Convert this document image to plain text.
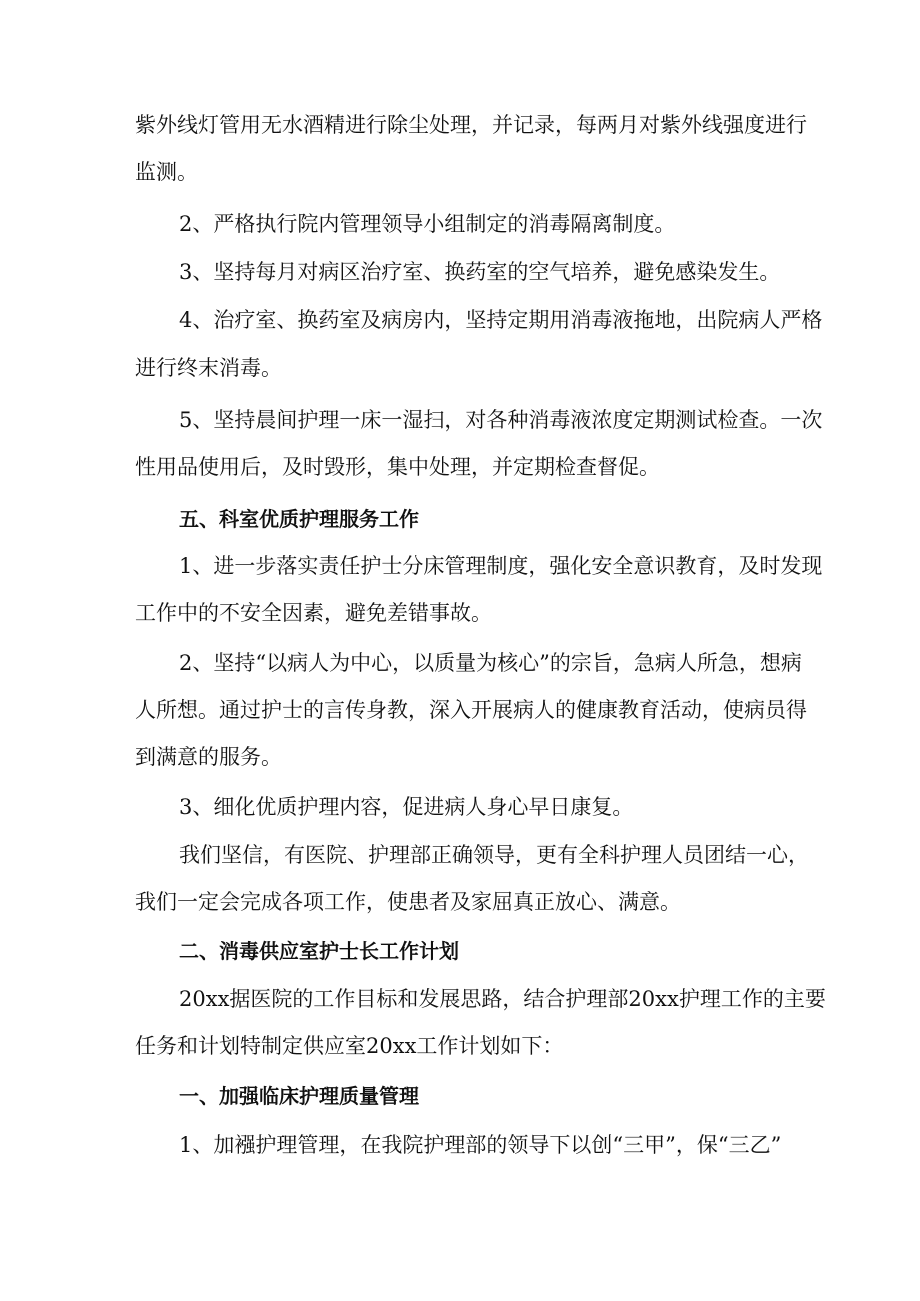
紫外线灯管用无水酒精进行除尘处理，并记录，每两月对紫外线强度进行
监测。
2、严格执行院内管理领导小组制定的消毒隔离制度。
3、坚持每月对病区治疗室、换药室的空气培养，避免感染发生。
4、治疗室、换药室及病房内，坚持定期用消毒液拖地，出院病人严格
进行终末消毒。
5、坚持晨间护理一床一湿扫，对各种消毒液浓度定期测试检查。一次
性用品使用后，及时毁形，集中处理，并定期检查督促。
五、科室优质护理服务工作
1、进一步落实责任护士分床管理制度，强化安全意识教育，及时发现
工作中的不安全因素，避免差错事故。
2、坚持“以病人为中心，以质量为核心”的宗旨，急病人所急，想病
人所想。通过护士的言传身教，深入开展病人的健康教育活动，使病员得
到满意的服务。
3、细化优质护理内容，促进病人身心早日康复。
我们坚信，有医院、护理部正确领导，更有全科护理人员团结一心，
我们一定会完成各项工作，使患者及家屈真正放心、满意。
二、消毒供应室护士长工作计划
20xx据医院的工作目标和发展思路，结合护理部20xx护理工作的主要
任务和计划特制定供应室20xx工作计划如下：
一、加强临床护理质量管理
1、加襁护理管理，在我院护理部的领导下以创“三甲”，保“三乙”
